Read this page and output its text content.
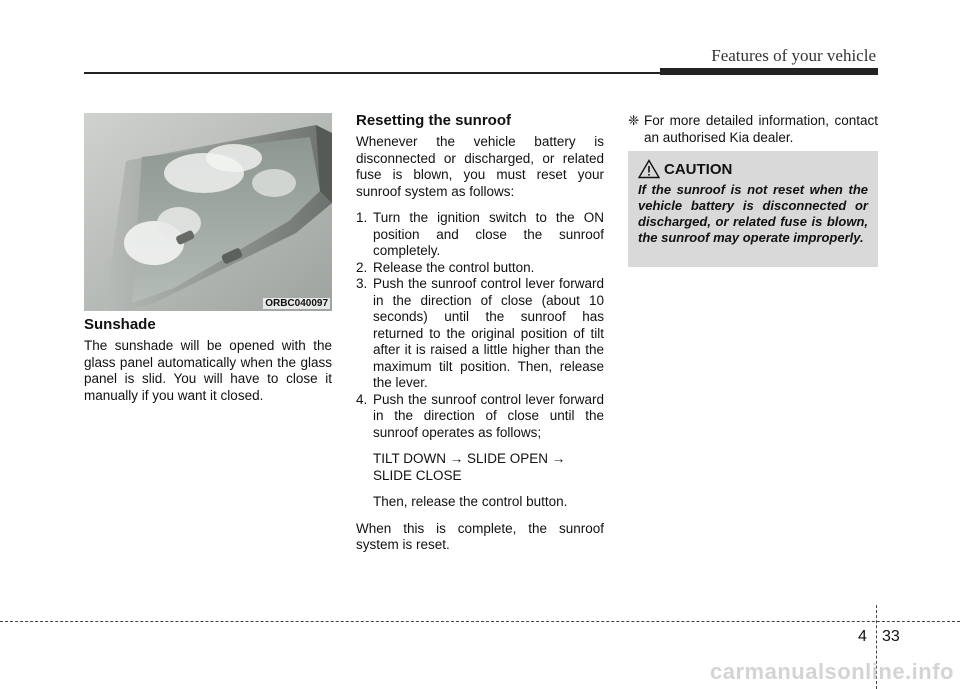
Features of your vehicle
ORBC040097
Sunshade

The sunshade will be opened with the glass panel automatically when the glass panel is slid. You will have to close it manually if you want it closed.

Resetting the sunroof

Whenever the vehicle battery is disconnected or discharged, or related fuse is blown, you must reset your sunroof system as follows:

1. Turn the ignition switch to the ON position and close the sunroof completely.
2. Release the control button.
3. Push the sunroof control lever forward in the direction of close (about 10 seconds) until the sunroof has returned to the original position of tilt after it is raised a little higher than the maximum tilt position. Then, release the lever.
4. Push the sunroof control lever forward in the direction of close until the sunroof operates as follows;

TILT DOWN → SLIDE OPEN → SLIDE CLOSE

Then, release the control button.

When this is complete, the sunroof system is reset.

❈ For more detailed information, contact an authorised Kia dealer.
CAUTION

If the sunroof is not reset when the vehicle battery is disconnected or discharged, or related fuse is blown, the sunroof may operate improperly.

4 33
carmanualsonline.info
